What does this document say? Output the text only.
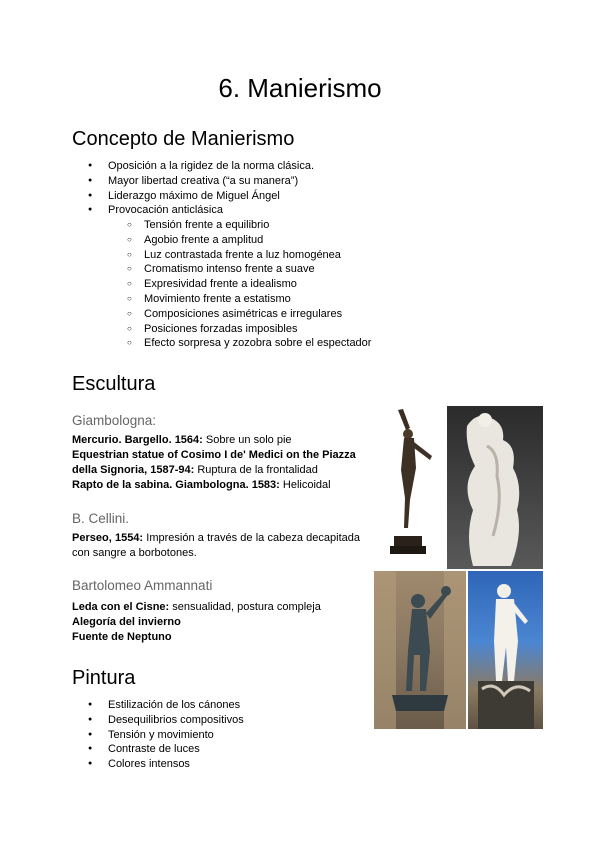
6. Manierismo
Concepto de Manierismo
● Oposición a la rigidez de la norma clásica.
● Mayor libertad creativa (“a su manera”)
● Liderazgo máximo de Miguel Ángel
● Provocación anticlásica
○ Tensión frente a equilibrio
○ Agobio frente a amplitud
○ Luz contrastada frente a luz homogénea
○ Cromatismo intenso frente a suave
○ Expresividad frente a idealismo
○ Movimiento frente a estatismo
○ Composiciones asimétricas e irregulares
○ Posiciones forzadas imposibles
○ Efecto sorpresa y zozobra sobre el espectador
Escultura
Giambologna:

Mercurio. Bargello. 1564: Sobre un solo pie

Equestrian statue of Cosimo I de' Medici on the Piazza della Signoria, 1587-94: Ruptura de la frontalidad

Rapto de la sabina. Giambologna. 1583: Helicoidal

B. Cellini.

Perseo, 1554: Impresión a través de la cabeza decapitada con sangre a borbotones.

Bartolomeo Ammannati

Leda con el Cisne: sensualidad, postura compleja

Alegoría del invierno

Fuente de Neptuno

Pintura
● Estilización de los cánones
● Desequilibrios compositivos
● Tensión y movimiento
● Contraste de luces
● Colores intensos
